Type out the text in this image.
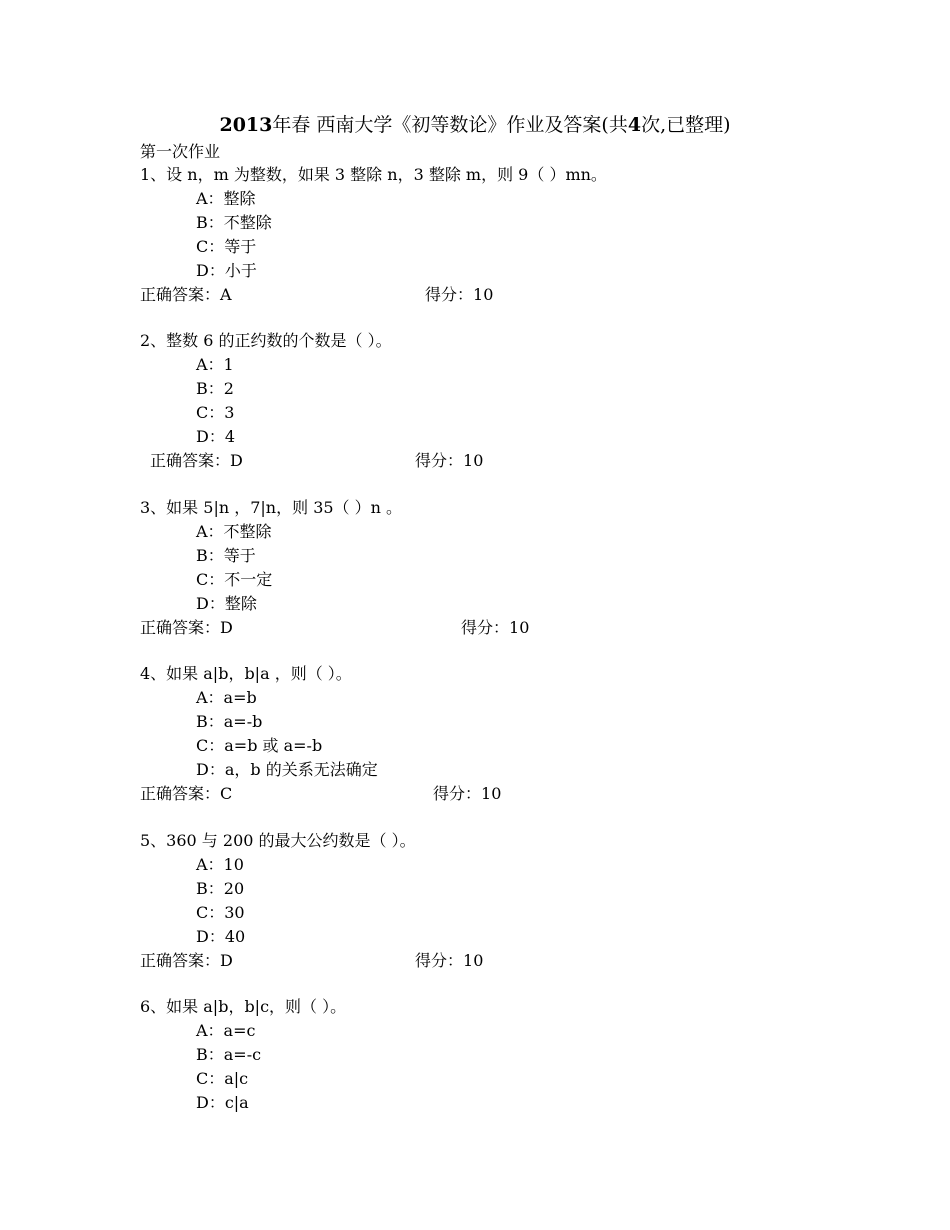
2013年春 西南大学《初等数论》作业及答案(共4次,已整理)
第一次作业
1、设 n，m 为整数，如果 3 整除 n，3 整除 m，则 9（ ）mn。
A：整除
B：不整除
C：等于
D：小于
正确答案：A	得分：10
2、整数 6 的正约数的个数是（ ）。
A：1
B：2
C：3
D：4
正确答案：D	得分：10
3、如果 5|n ，7|n，则 35（ ）n 。
A：不整除
B：等于
C：不一定
D：整除
正确答案：D	得分：10
4、如果 a|b，b|a ，则（ ）。
A：a=b
B：a=-b
C：a=b 或 a=-b
D：a，b 的关系无法确定
正确答案：C	得分：10
5、360 与 200 的最大公约数是（ ）。
A：10
B：20
C：30
D：40
正确答案：D	得分：10
6、如果 a|b，b|c，则（ ）。
A：a=c
B：a=-c
C：a|c
D：c|a
